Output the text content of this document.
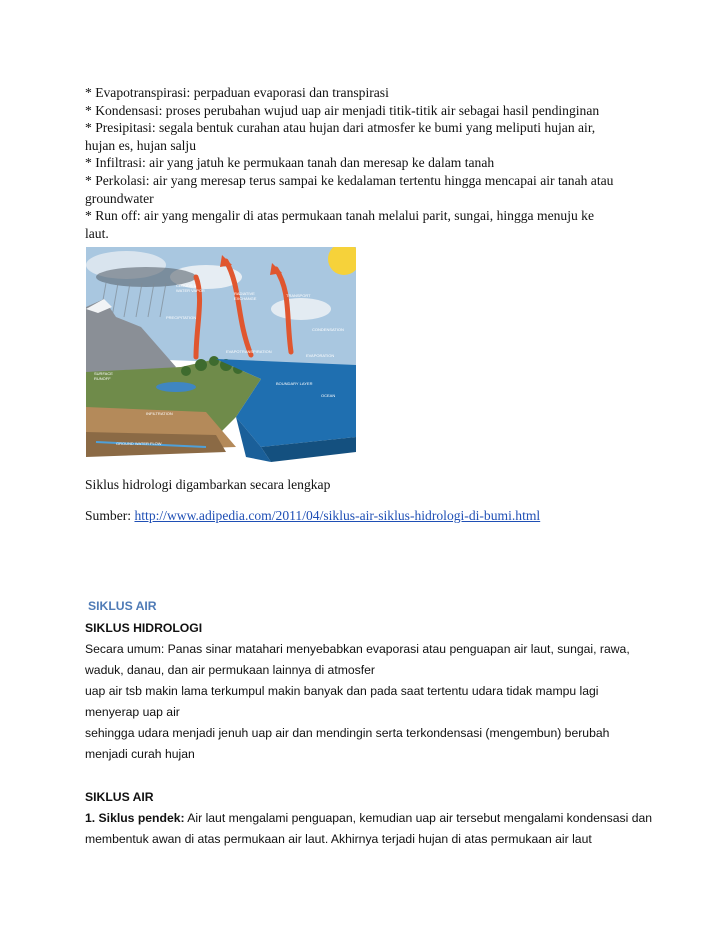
* Evapotranspirasi: perpaduan evaporasi dan transpirasi
* Kondensasi: proses perubahan wujud uap air menjadi titik-titik air sebagai hasil pendinginan
* Presipitasi: segala bentuk curahan atau hujan dari atmosfer ke bumi yang meliputi hujan air,
hujan es, hujan salju
* Infiltrasi: air yang jatuh ke permukaan tanah dan meresap ke dalam tanah
* Perkolasi: air yang meresap terus sampai ke kedalaman tertentu hingga mencapai air tanah atau
groundwater
* Run off: air yang mengalir di atas permukaan tanah melalui parit, sungai, hingga menuju ke
laut.
CLOUDS &
WATER VAPOR
PRECIPITATION
RADIATIVE
EXCHANGE
TRANSPORT
CONDENSATION
EVAPORATION
EVAPOTRANSPIRATION
OCEAN
GROUND WATER FLOW
SURFACE
RUNOFF
INFILTRATION
BOUNDARY LAYER
Siklus hidrologi digambarkan secara lengkap
Sumber: http://www.adipedia.com/2011/04/siklus-air-siklus-hidrologi-di-bumi.html
SIKLUS AIR
SIKLUS HIDROLOGI
Secara umum: Panas sinar matahari menyebabkan evaporasi atau penguapan air laut, sungai, rawa,
waduk, danau, dan air permukaan lainnya di atmosfer
uap air tsb makin lama terkumpul makin banyak dan pada saat tertentu udara tidak mampu lagi
menyerap uap air
sehingga udara menjadi jenuh uap air dan mendingin serta terkondensasi (mengembun) berubah
menjadi curah hujan
SIKLUS AIR
1. Siklus pendek: Air laut mengalami penguapan, kemudian uap air tersebut mengalami kondensasi dan
membentuk awan di atas permukaan air laut. Akhirnya terjadi hujan di atas permukaan air laut
